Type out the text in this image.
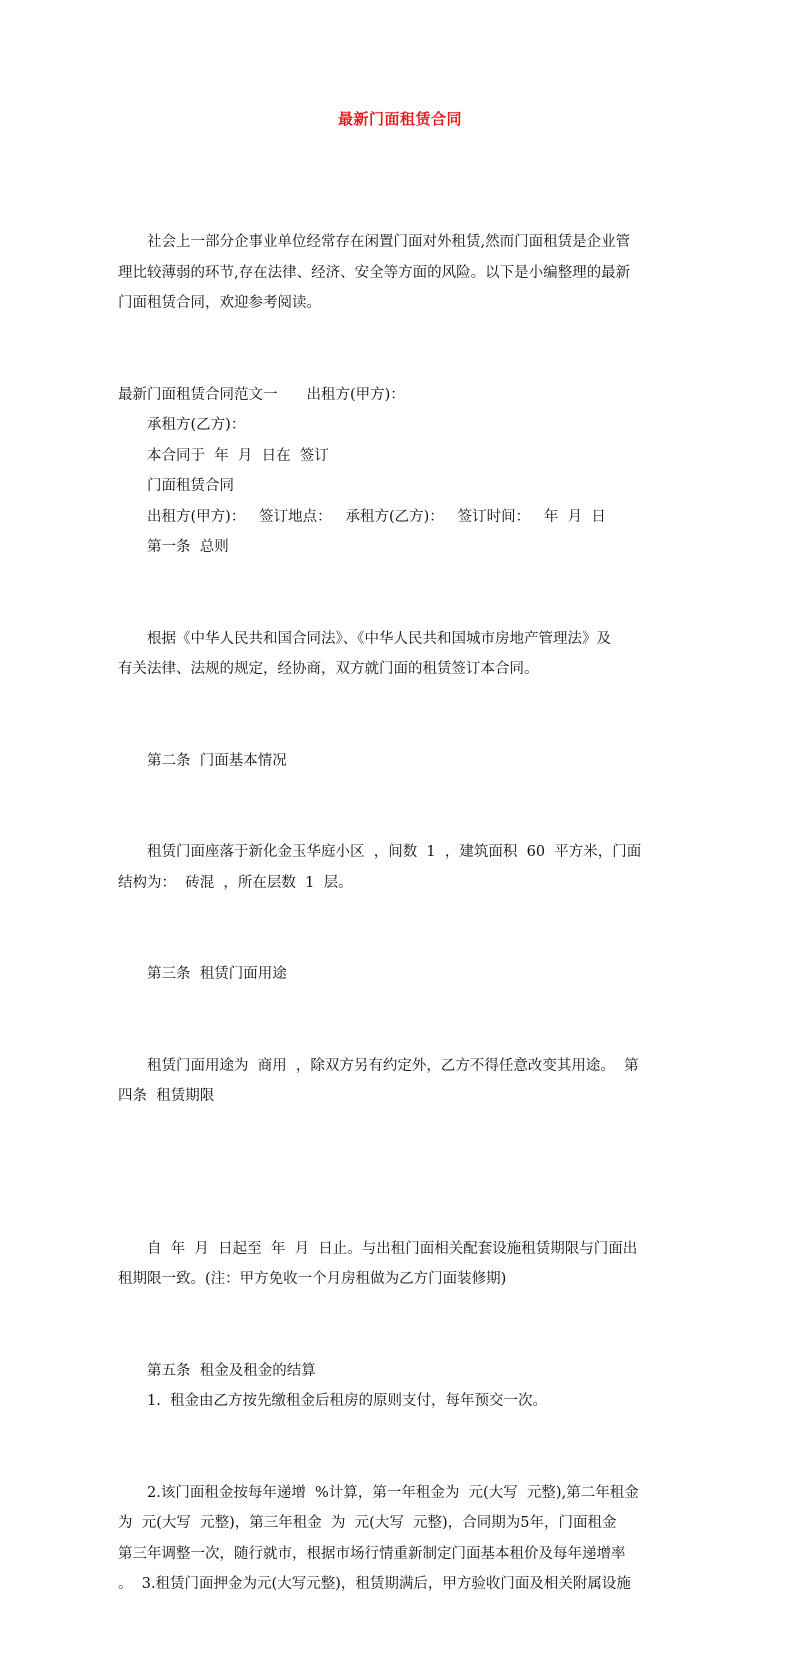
最新门面租赁合同

社会上一部分企事业单位经常存在闲置门面对外租赁,然而门面租赁是企业管
理比较薄弱的环节,存在法律、经济、安全等方面的风险。以下是小编整理的最新
门面租赁合同，欢迎参考阅读。

最新门面租赁合同范文一　　出租方(甲方)：

承租方(乙方)：

本合同于  年  月  日在  签订

门面租赁合同

出租方(甲方)：   签订地点：   承租方(乙方)：   签订时间：   年  月  日

第一条  总则

根据《中华人民共和国合同法》、《中华人民共和国城市房地产管理法》及
有关法律、法规的规定，经协商，双方就门面的租赁签订本合同。

第二条  门面基本情况

租赁门面座落于新化金玉华庭小区  ，间数  1  ，建筑面积  60  平方米，门面
结构为：  砖混  ，所在层数  1  层。

第三条  租赁门面用途

租赁门面用途为  商用  ，除双方另有约定外，乙方不得任意改变其用途。  第
四条  租赁期限

自  年  月  日起至  年  月  日止。与出租门面相关配套设施租赁期限与门面出
租期限一致。(注：甲方免收一个月房租做为乙方门面装修期)

第五条  租金及租金的结算

1.  租金由乙方按先缴租金后租房的原则支付，每年预交一次。

2.该门面租金按每年递增  %计算，第一年租金为  元(大写  元整),第二年租金
为  元(大写  元整)，第三年租金  为  元(大写  元整)，合同期为5年，门面租金
第三年调整一次，随行就市，根据市场行情重新制定门面基本租价及每年递增率
。  3.租赁门面押金为元(大写元整)，租赁期满后，甲方验收门面及相关附属设施
